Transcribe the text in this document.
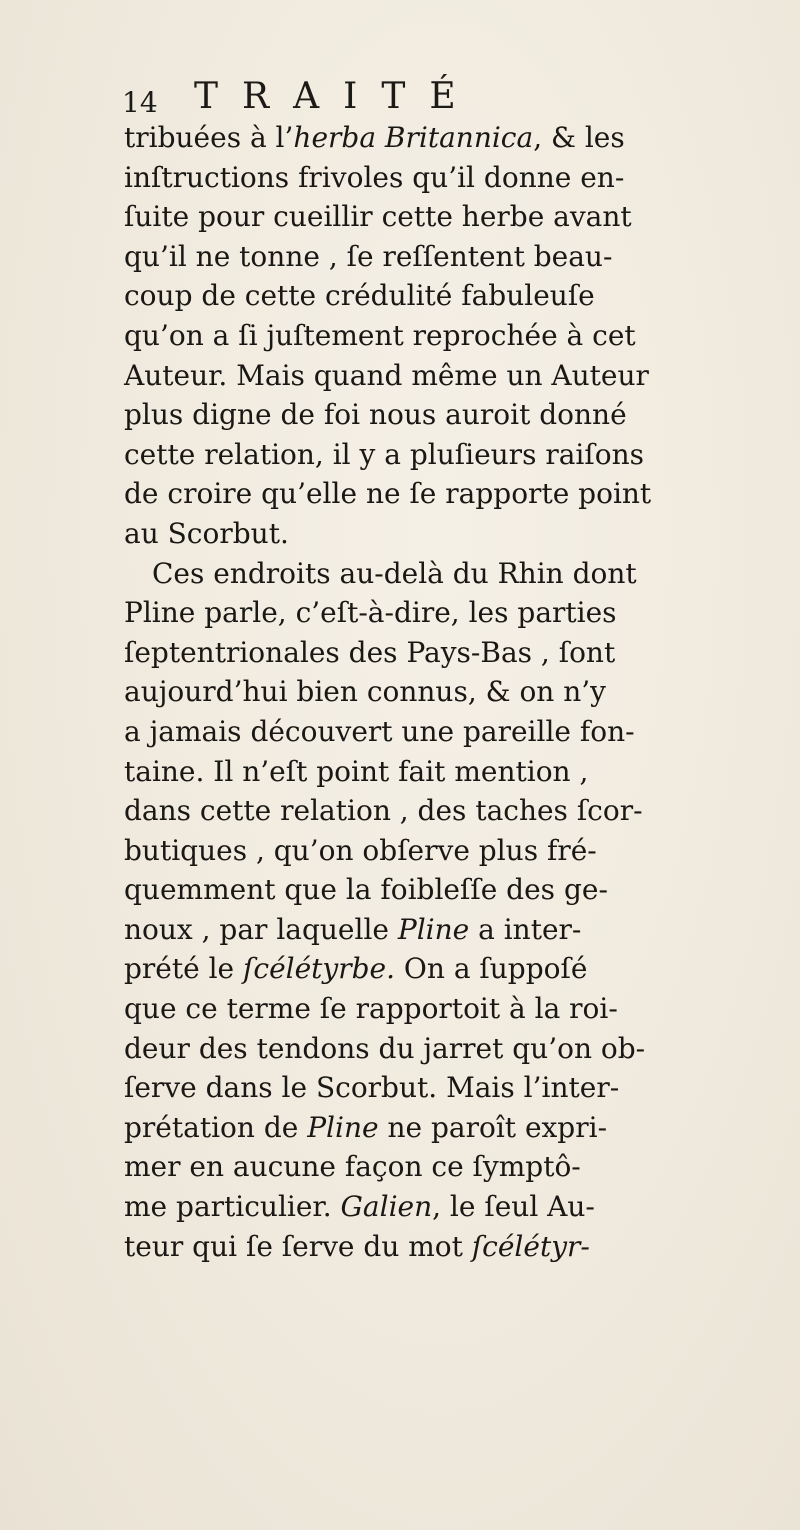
14 TRAITÉ
tribuées à l’herba Britannica, & les
inſtructions frivoles qu’il donne en-
ſuite pour cueillir cette herbe avant
qu’il ne tonne , ſe reſſentent beau-
coup de cette crédulité fabuleuſe
qu’on a ſi juſtement reprochée à cet
Auteur. Mais quand même un Auteur
plus digne de foi nous auroit donné
cette relation, il y a pluſieurs raiſons
de croire qu’elle ne ſe rapporte point
au Scorbut.
 Ces endroits au-delà du Rhin dont
Pline parle, c’eſt-à-dire, les parties
ſeptentrionales des Pays-Bas , ſont
aujourd’hui bien connus, & on n’y
a jamais découvert une pareille fon-
taine. Il n’eſt point fait mention ,
dans cette relation , des taches ſcor-
butiques , qu’on obſerve plus fré-
quemment que la foibleſſe des ge-
noux , par laquelle Pline a inter-
prété le ſcélétyrbe. On a ſuppoſé
que ce terme ſe rapportoit à la roi-
deur des tendons du jarret qu’on ob-
ſerve dans le Scorbut. Mais l’inter-
prétation de Pline ne paroît expri-
mer en aucune façon ce ſymptô-
me particulier. Galien, le ſeul Au-
teur qui ſe ſerve du mot ſcélétyr-
